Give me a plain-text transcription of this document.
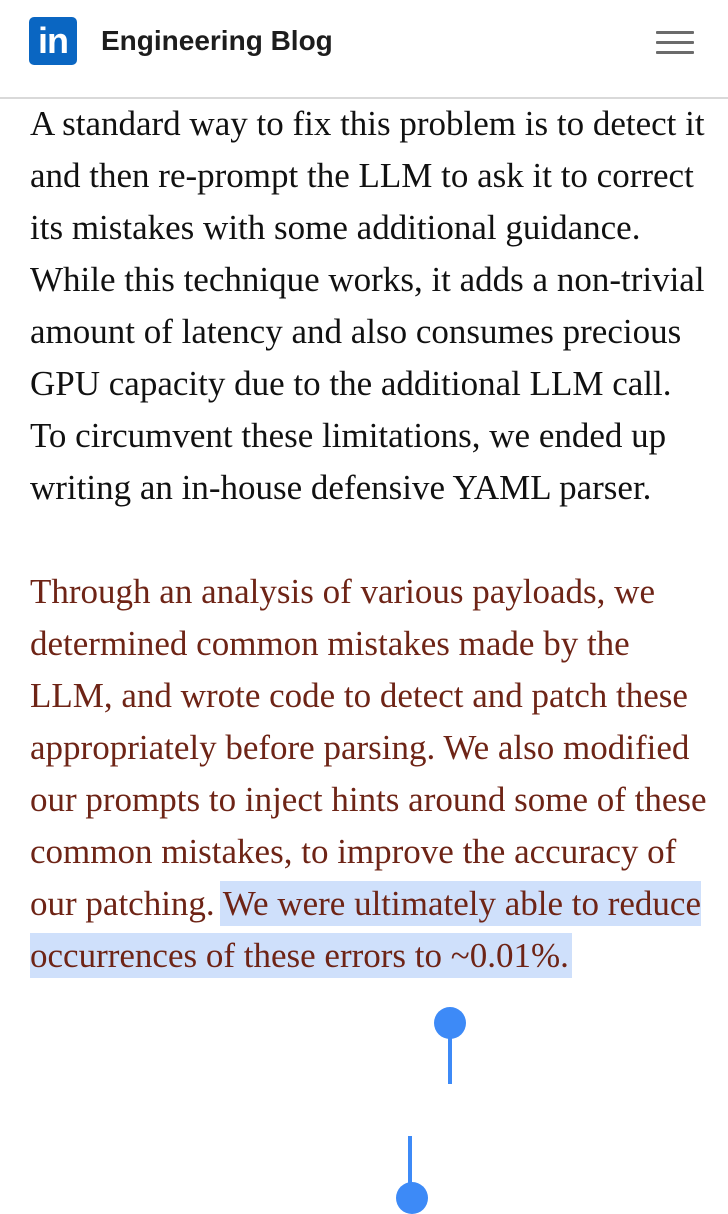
in	Engineering Blog

A standard way to fix this problem is to detect it and then re-prompt the LLM to ask it to correct its mistakes with some additional guidance. While this technique works, it adds a non-trivial amount of latency and also consumes precious GPU capacity due to the additional LLM call. To circumvent these limitations, we ended up writing an in-house defensive YAML parser.

Through an analysis of various payloads, we determined common mistakes made by the LLM, and wrote code to detect and patch these appropriately before parsing. We also modified our prompts to inject hints around some of these common mistakes, to improve the accuracy of our patching. We were ultimately able to reduce occurrences of these errors to ~0.01%.
